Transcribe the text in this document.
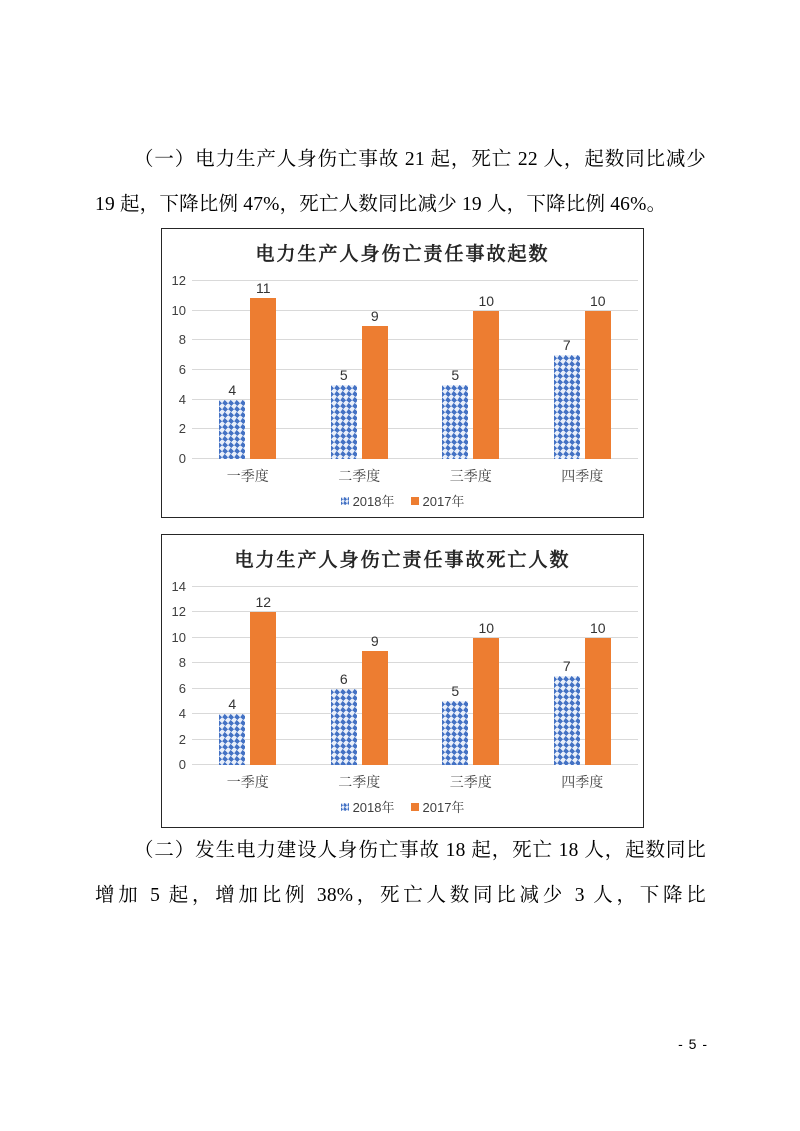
（一）电力生产人身伤亡事故 21 起，死亡 22 人，起数同比减少 19 起，下降比例 47%，死亡人数同比减少 19 人，下降比例 46%。

电力生产人身伤亡责任事故起数
0
2
4
6
8
10
12
4
11
5
9
5
10
7
10
一季度	二季度	三季度	四季度
2018年 2017年
电力生产人身伤亡责任事故死亡人数
0
2
4
6
8
10
12
14
4
12
6
9
5
10
7
10
一季度	二季度	三季度	四季度
2018年 2017年

（二）发生电力建设人身伤亡事故 18 起，死亡 18 人，起数同比增加 5 起，增加比例 38%，死亡人数同比减少 3 人，下降比

- 5 -
